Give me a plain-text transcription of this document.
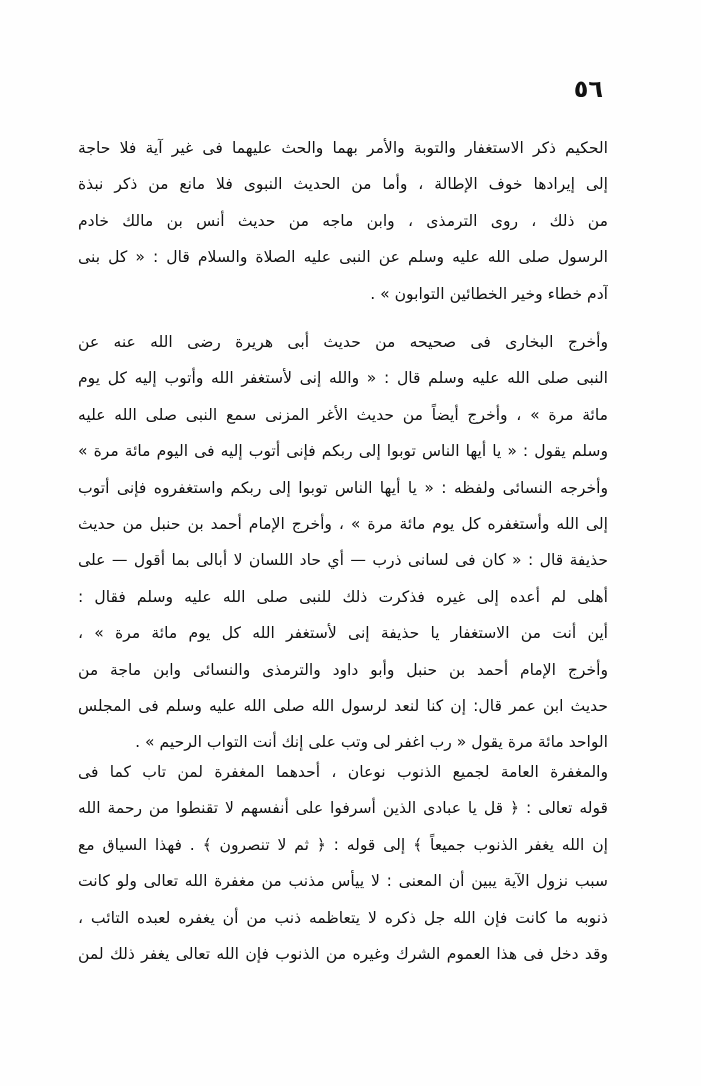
٥٦
الحكيم ذكر الاستغفار والتوبة والأمر بهما والحث عليهما فى غير آية فلا حاجة
إلى إيرادها خوف الإطالة ، وأما من الحديث النبوى فلا مانع من ذكر نبذة
من ذلك ، روى الترمذى ، وابن ماجه من حديث أنس بن مالك خادم
الرسول صلى الله عليه وسلم عن النبى عليه الصلاة والسلام قال : « كل بنى
آدم خطاء وخير الخطائين التوابون » .
وأخرج البخارى فى صحيحه من حديث أبى هريرة رضى الله عنه عن
النبى صلى الله عليه وسلم قال : « والله إنى لأستغفر الله وأتوب إليه كل يوم
مائة مرة » ، وأخرج أيضاً من حديث الأغر المزنى سمع النبى صلى الله عليه
وسلم يقول : « يا أيها الناس توبوا إلى ربكم فإنى أتوب إليه فى اليوم مائة مرة »
وأخرجه النسائى ولفظه : « يا أيها الناس توبوا إلى ربكم واستغفروه فإنى أتوب
إلى الله وأستغفره كل يوم مائة مرة » ، وأخرج الإمام أحمد بن حنبل من حديث
حذيفة قال : « كان فى لسانى ذرب — أي حاد اللسان لا أبالى بما أقول — على
أهلى لم أعده إلى غيره فذكرت ذلك للنبى صلى الله عليه وسلم فقال :
أين أنت من الاستغفار يا حذيفة إنى لأستغفر الله كل يوم مائة مرة » ،
وأخرج الإمام أحمد بن حنبل وأبو داود والترمذى والنسائى وابن ماجة من
حديث ابن عمر قال: إن كنا لنعد لرسول الله صلى الله عليه وسلم فى المجلس
الواحد مائة مرة يقول « رب اغفر لى وتب على إنك أنت التواب الرحيم » .
والمغفرة العامة لجميع الذنوب نوعان ، أحدهما المغفرة لمن تاب كما فى
قوله تعالى : ﴿ قل يا عبادى الذين أسرفوا على أنفسهم لا تقنطوا من رحمة الله
إن الله يغفر الذنوب جميعاً ﴾ إلى قوله : ﴿ ثم لا تنصرون ﴾ . فهذا السياق مع
سبب نزول الآية يبين أن المعنى : لا ييأس مذنب من مغفرة الله تعالى ولو كانت
ذنوبه ما كانت فإن الله جل ذكره لا يتعاظمه ذنب من أن يغفره لعبده التائب ،
وقد دخل فى هذا العموم الشرك وغيره من الذنوب فإن الله تعالى يغفر ذلك لمن
